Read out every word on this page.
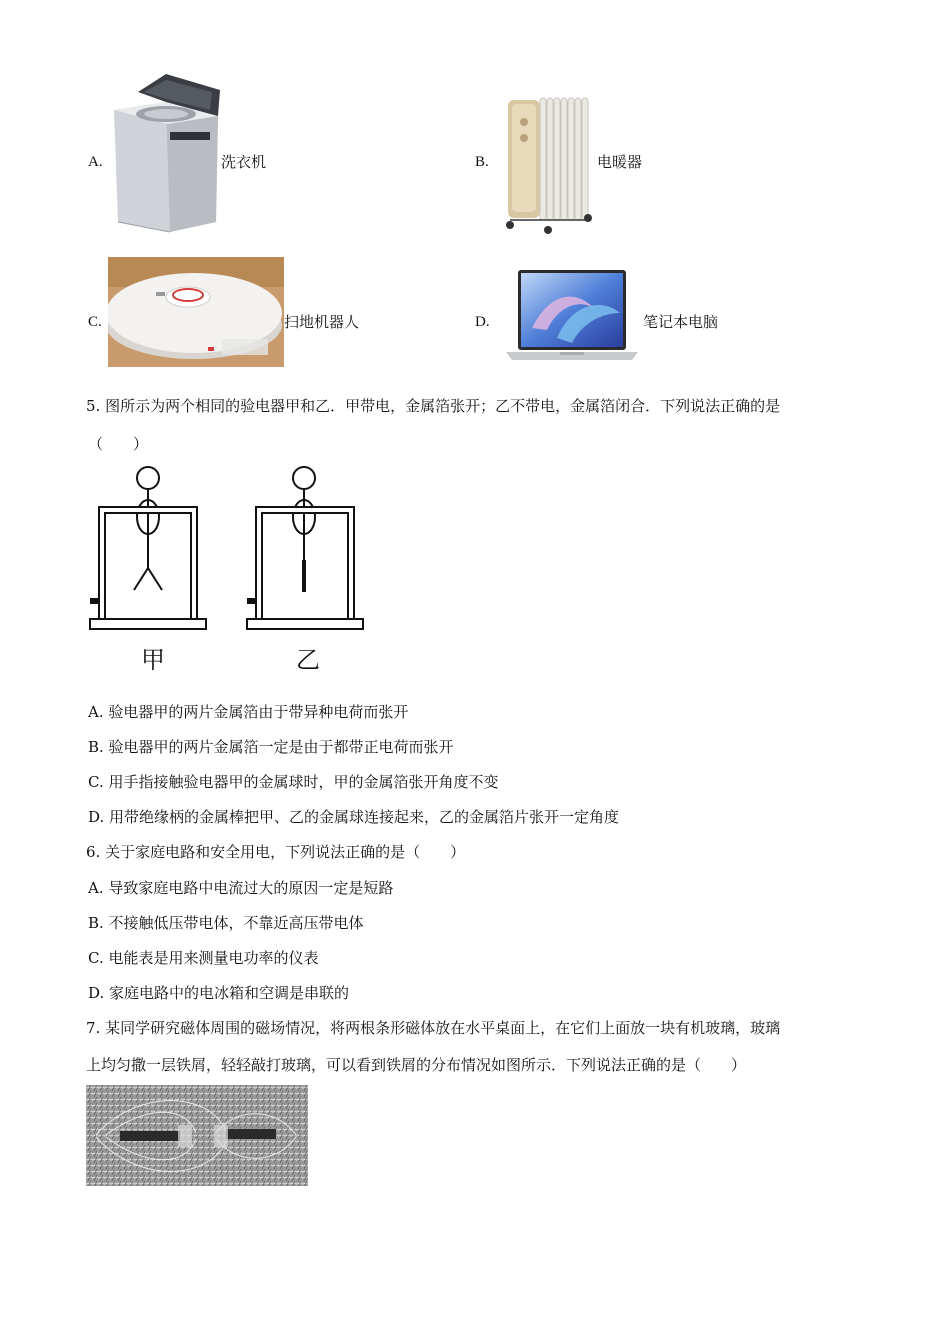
A.	洗衣机	B.	电暖器
C.	扫地机器人	D.	笔记本电脑
5. 图所示为两个相同的验电器甲和乙．甲带电，金属箔张开；乙不带电，金属箔闭合．下列说法正确的是
（　　）
甲	乙
A. 验电器甲的两片金属箔由于带异种电荷而张开
B. 验电器甲的两片金属箔一定是由于都带正电荷而张开
C. 用手指接触验电器甲的金属球时，甲的金属箔张开角度不变
D. 用带绝缘柄的金属棒把甲、乙的金属球连接起来，乙的金属箔片张开一定角度
6. 关于家庭电路和安全用电，下列说法正确的是（　　）
A. 导致家庭电路中电流过大的原因一定是短路
B. 不接触低压带电体，不靠近高压带电体
C. 电能表是用来测量电功率的仪表
D. 家庭电路中的电冰箱和空调是串联的
7. 某同学研究磁体周围的磁场情况，将两根条形磁体放在水平桌面上，在它们上面放一块有机玻璃，玻璃
上均匀撒一层铁屑，轻轻敲打玻璃，可以看到铁屑的分布情况如图所示．下列说法正确的是（　　）
